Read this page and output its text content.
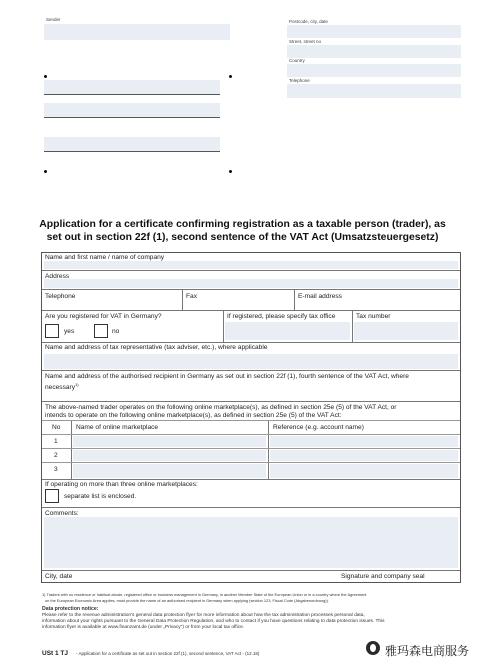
Sender	Postcode, city, date
Street, street no
Country
Telephone
Application for a certificate confirming registration as a taxable person (trader), as
set out in section 22f (1), second sentence of the VAT Act (Umsatzsteuergesetz)
Name and first name / name of company
Address
Telephone	Fax	E-mail address
Are you registered for VAT in Germany?
yes	no
If registered, please specify tax office	Tax number
Name and address of tax representative (tax adviser, etc.), where applicable
Name and address of the authorised recipient in Germany as set out in section 22f (1), fourth sentence of the VAT Act, where
necessary$^{1)}$
The above-named trader operates on the following online marketplace(s), as defined in section 25e (5) of the VAT Act, or
intends to operate on the following online marketplace(s), as defined in section 25e (5) of the VAT Act:
No Name of online marketplace	Reference (e.g. account name)
1
2
3
If operating on more than three online marketplaces:
separate list is enclosed.
Comments:
City, date	Signature and company seal
1) Traders with no residence or habitual abode, registered office or business management in Germany, in another Member State of the European Union or in a country where the Agreement
on the European Economic Area applies, must provide the name of an authorised recipient in Germany when applying (section 123, Fiscal Code (Abgabenordnung)).
Data protection notice:
Please refer to the revenue administration's general data protection flyer for more information about how the tax administration processes personal data,
information about your rights pursuant to the General Data Protection Regulation, and who to contact if you have questions relating to data protection issues. This
information flyer is available at www.finanzamt.de (under „Privacy") or from your local tax office.
USt 1 TJ - Application for a certificate as set out in section 22f (1), second sentence, VAT Act - (12.18)	雅玛森电商服务
